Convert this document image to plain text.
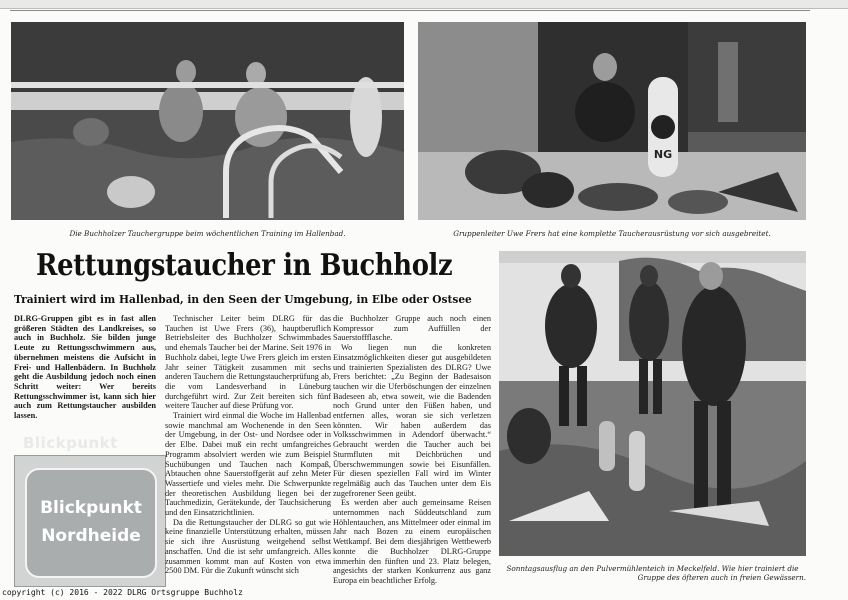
Die Buchholzer Tauchergruppe beim wöchentlichen Training im Hallenbad.
NG
Gruppenleiter Uwe Frers hat eine komplette Taucherausrüstung vor sich ausgebreitet.
Rettungstaucher in Buchholz
Trainiert wird im Hallenbad, in den Seen der Umgebung, in Elbe oder Ostsee
Sonntagsausflug an den Pulvermühlenteich in Meckelfeld. Wie hier trainiert die
Gruppe des öfteren auch in freien Gewässern.

DLRG-Gruppen gibt es in fast allen größeren Städten des Landkreises, so auch in Buchholz. Sie bilden junge Leute zu Rettungsschwimmern aus, übernehmen meistens die Aufsicht in Frei- und Hallenbädern. In Buchholz geht die Ausbildung jedoch noch einen Schritt weiter: Wer bereits Rettungsschwimmer ist, kann sich hier auch zum Rettungstaucher ausbilden lassen.

Blickpunkt
Blickpunkt
Nordheide

Technischer Leiter beim DLRG für das Tauchen ist Uwe Frers (36), hauptberuflich Betriebsleiter des Buchholzer Schwimmbades und ehemals Taucher bei der Marine. Seit 1976 in Buchholz dabei, legte Uwe Frers gleich im ersten Jahr seiner Tätigkeit zusammen mit sechs anderen Tauchern die Rettungstaucherprüfung ab, die vom Landesverband in Lüneburg durchgeführt wird. Zur Zeit bereiten sich fünf weitere Taucher auf diese Prüfung vor.

Trainiert wird einmal die Woche im Hallenbad sowie manchmal am Wochenende in den Seen der Umgebung, in der Ost- und Nordsee oder in der Elbe. Dabei muß ein recht umfangreiches Programm absolviert werden wie zum Beispiel Suchübungen und Tauchen nach Kompaß, Abtauchen ohne Sauerstoffgerät auf zehn Meter Wassertiefe und vieles mehr. Die Schwerpunkte der theoretischen Ausbildung liegen bei der Tauchmedizin, Gerätekunde, der Tauchsicherung und den Einsatzrichtlinien.

Da die Rettungstaucher der DLRG so gut wie keine finanzielle Unterstützung erhalten, müssen sie sich ihre Ausrüstung weitgehend selbst anschaffen. Und die ist sehr umfangreich. Alles zusammen kommt man auf Kosten von etwa 2500 DM. Für die Zukunft wünscht sich

die Buchholzer Gruppe auch noch einen Kompressor zum Auffüllen der Sauerstoffflasche.

Wo liegen nun die konkreten Einsatzmöglichkeiten dieser gut ausgebildeten und trainierten Spezialisten des DLRG? Uwe Frers berichtet: „Zu Beginn der Badesaison tauchen wir die Uferböschungen der einzelnen Badeseen ab, etwa soweit, wie die Badenden noch Grund unter den Füßen haben, und entfernen alles, woran sie sich verletzen könnten. Wir haben außerdem das Volksschwimmen in Adendorf überwacht.“ Gebraucht werden die Taucher auch bei Sturmfluten mit Deichbrüchen und Überschwemmungen sowie bei Eisunfällen. Für diesen speziellen Fall wird im Winter regelmäßig auch das Tauchen unter dem Eis zugefrorener Seen geübt.

Es werden aber auch gemeinsame Reisen unternommen nach Süddeutschland zum Höhlentauchen, ans Mittelmeer oder einmal im Jahr nach Bozen zu einem europäischen Wettkampf. Bei dem diesjährigen Wettbewerb konnte die Buchholzer DLRG-Gruppe immerhin den fünften und 23. Platz belegen, angesichts der starken Konkurrenz aus ganz Europa ein beachtlicher Erfolg.

copyright (c) 2016 - 2022 DLRG Ortsgruppe Buchholz
